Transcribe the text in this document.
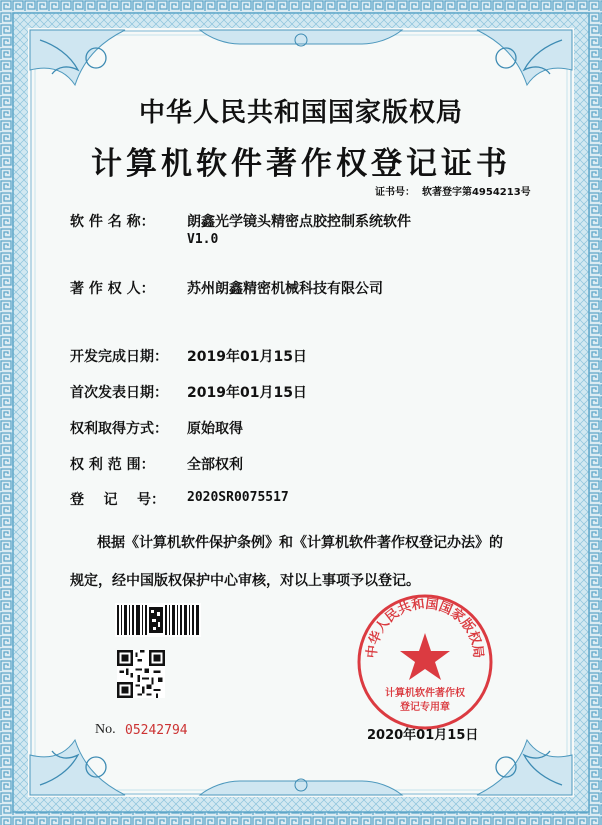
中华人民共和国国家版权局
计算机软件著作权登记证书
证书号： 软著登字第4954213号
软 件 名 称： 朗鑫光学镜头精密点胶控制系统软件
V1.0
著 作 权 人： 苏州朗鑫精密机械科技有限公司
开发完成日期： 2019年01月15日
首次发表日期： 2019年01月15日
权利取得方式： 原始取得
权 利 范 围： 全部权利
登    记    号： 2020SR0075517
根据《计算机软件保护条例》和《计算机软件著作权登记办法》的
规定，经中国版权保护中心审核，对以上事项予以登记。
No. 05242794
中华人民共和国国家版权局
计算机软件著作权
登记专用章
2020年01月15日
